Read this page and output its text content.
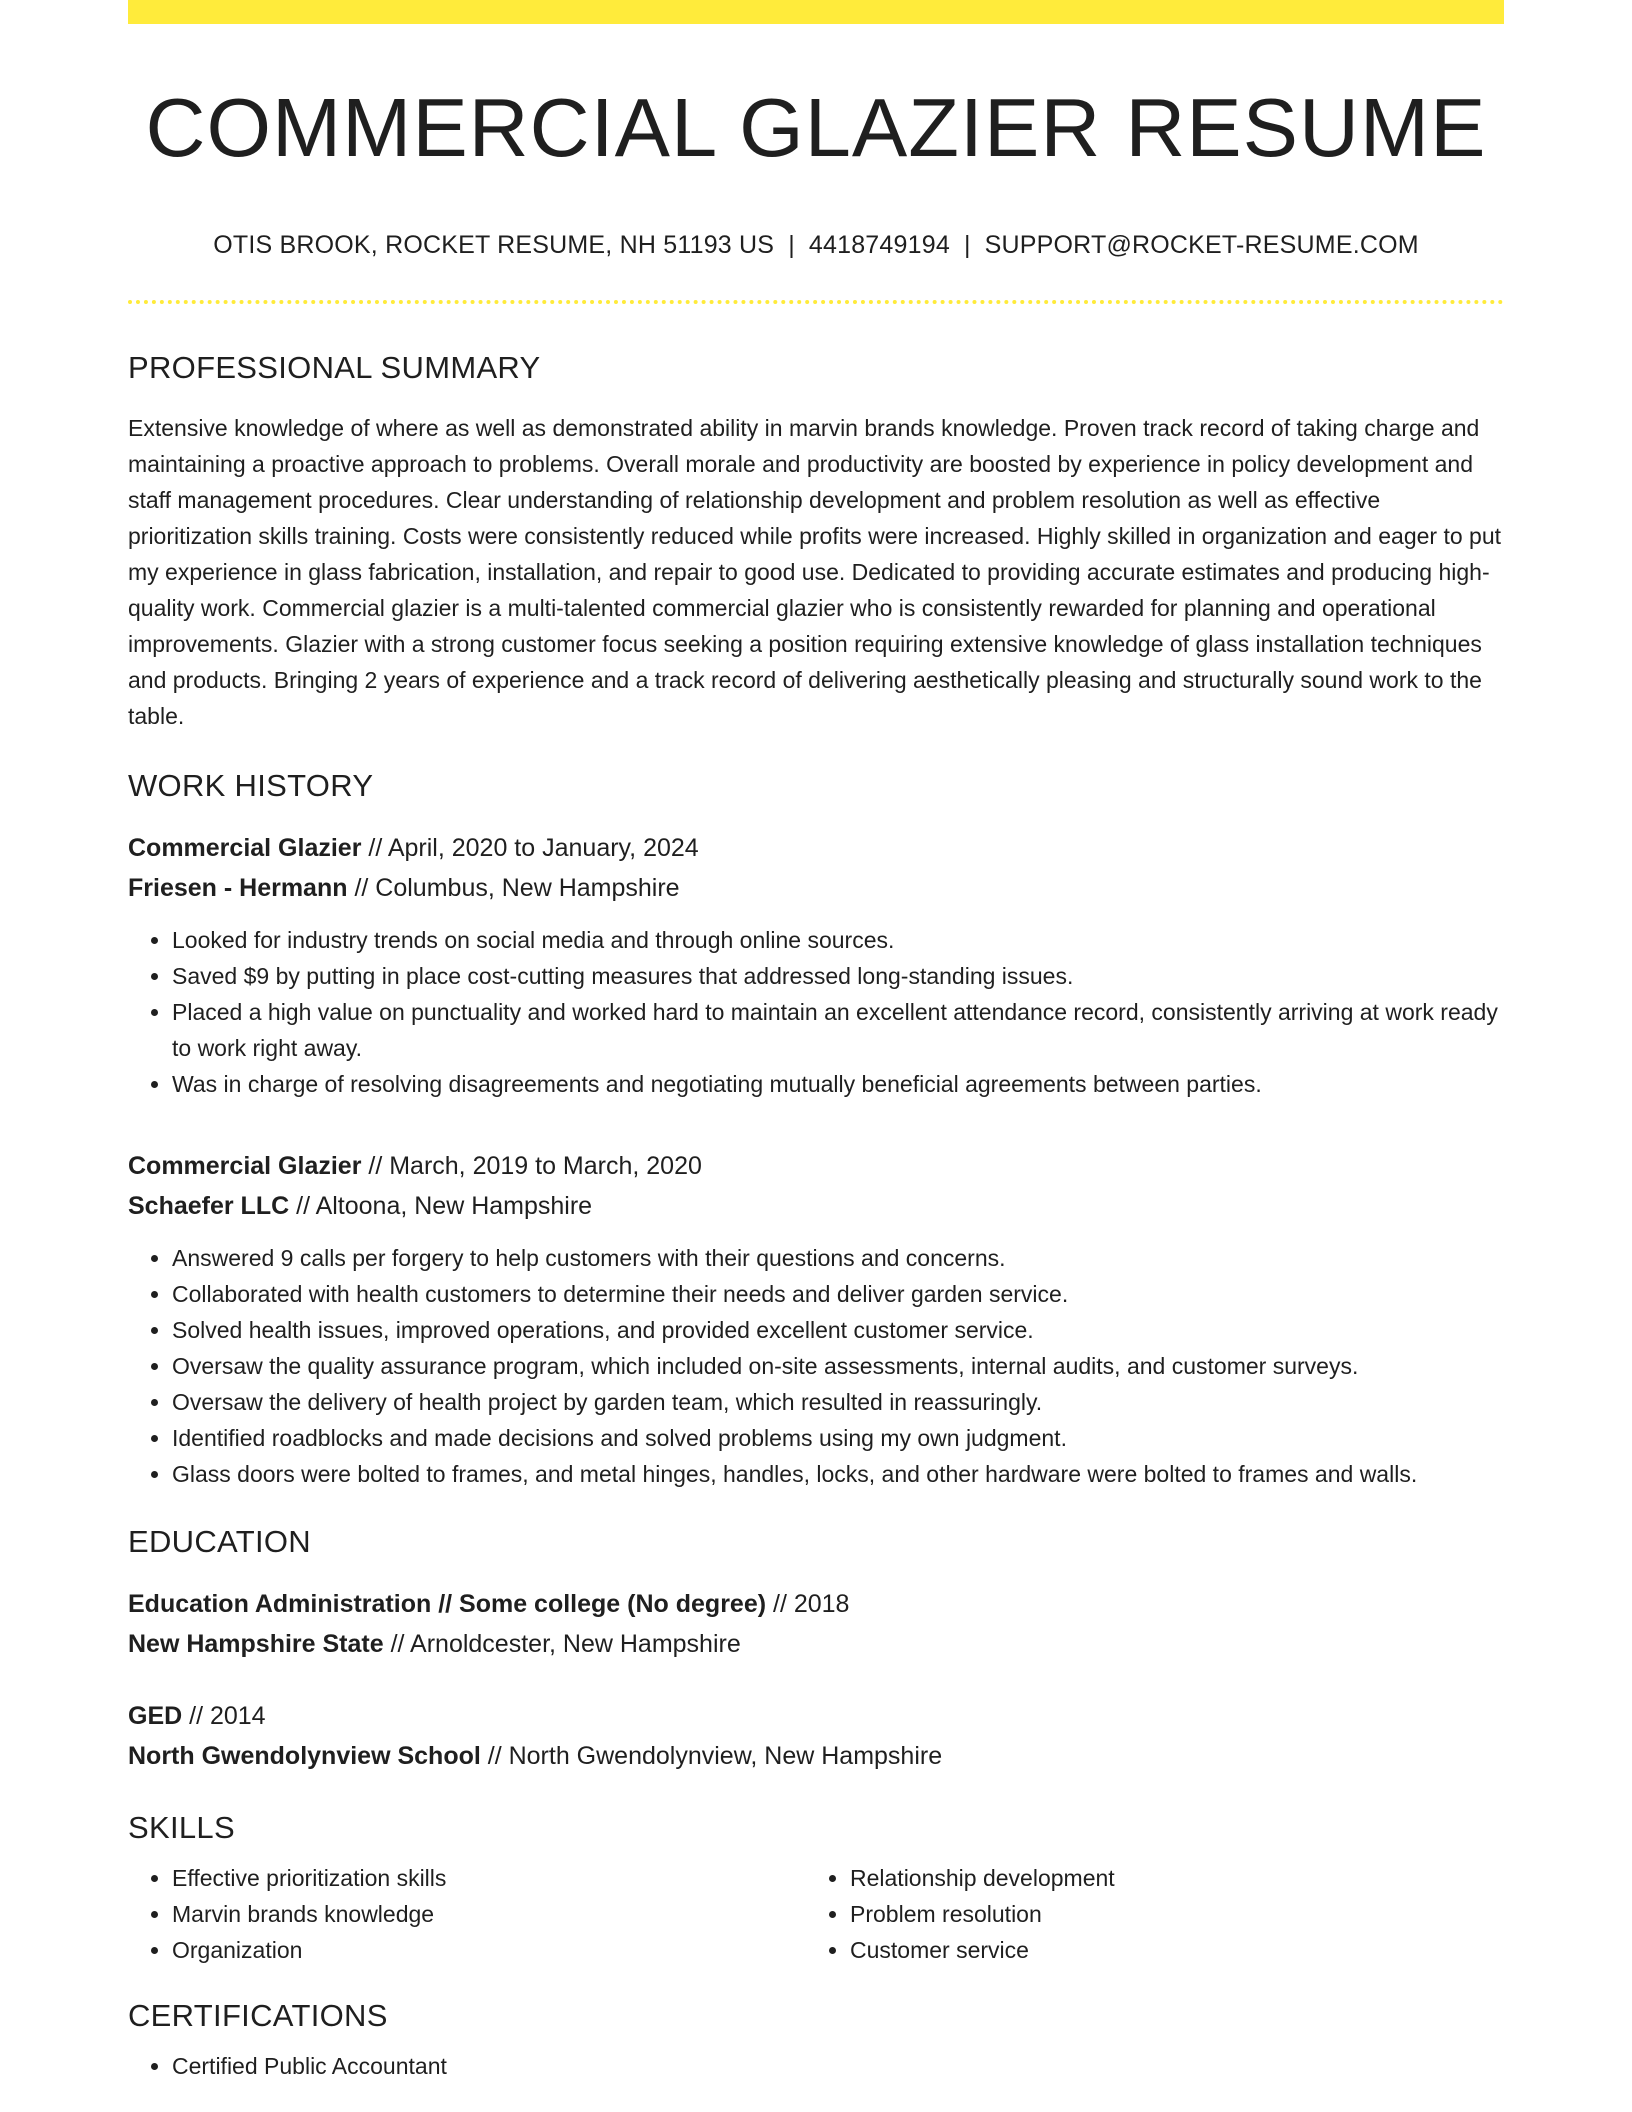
COMMERCIAL GLAZIER RESUME
OTIS BROOK, ROCKET RESUME, NH 51193 US | 4418749194 | SUPPORT@ROCKET-RESUME.COM
PROFESSIONAL SUMMARY

Extensive knowledge of where as well as demonstrated ability in marvin brands knowledge. Proven track record of taking charge and maintaining a proactive approach to problems. Overall morale and productivity are boosted by experience in policy development and staff management procedures. Clear understanding of relationship development and problem resolution as well as effective prioritization skills training. Costs were consistently reduced while profits were increased. Highly skilled in organization and eager to put my experience in glass fabrication, installation, and repair to good use. Dedicated to providing accurate estimates and producing high-quality work. Commercial glazier is a multi-talented commercial glazier who is consistently rewarded for planning and operational improvements. Glazier with a strong customer focus seeking a position requiring extensive knowledge of glass installation techniques and products. Bringing 2 years of experience and a track record of delivering aesthetically pleasing and structurally sound work to the table.

WORK HISTORY
Commercial Glazier // April, 2020 to January, 2024
Friesen - Hermann // Columbus, New Hampshire
• Looked for industry trends on social media and through online sources.
• Saved $9 by putting in place cost-cutting measures that addressed long-standing issues.
• Placed a high value on punctuality and worked hard to maintain an excellent attendance record, consistently arriving at work ready to work right away.
• Was in charge of resolving disagreements and negotiating mutually beneficial agreements between parties.
Commercial Glazier // March, 2019 to March, 2020
Schaefer LLC // Altoona, New Hampshire
• Answered 9 calls per forgery to help customers with their questions and concerns.
• Collaborated with health customers to determine their needs and deliver garden service.
• Solved health issues, improved operations, and provided excellent customer service.
• Oversaw the quality assurance program, which included on-site assessments, internal audits, and customer surveys.
• Oversaw the delivery of health project by garden team, which resulted in reassuringly.
• Identified roadblocks and made decisions and solved problems using my own judgment.
• Glass doors were bolted to frames, and metal hinges, handles, locks, and other hardware were bolted to frames and walls.
EDUCATION
Education Administration // Some college (No degree) // 2018
New Hampshire State // Arnoldcester, New Hampshire
GED // 2014
North Gwendolynview School // North Gwendolynview, New Hampshire
SKILLS
• Effective prioritization skills
• Marvin brands knowledge
• Organization
• Relationship development
• Problem resolution
• Customer service
CERTIFICATIONS
• Certified Public Accountant
